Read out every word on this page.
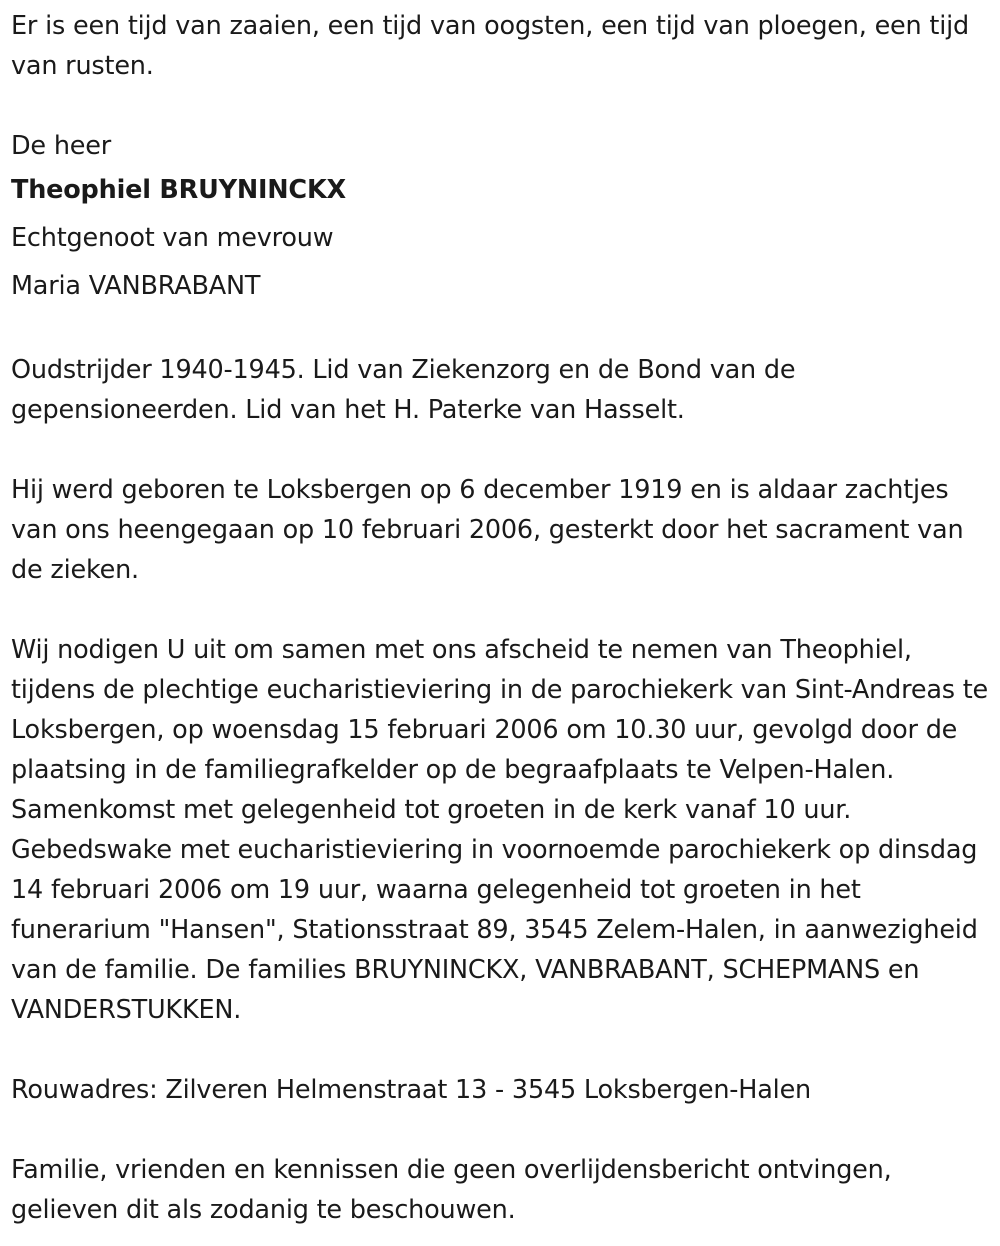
Er is een tijd van zaaien, een tijd van oogsten, een tijd van ploegen, een tijd van rusten.

De heer

Theophiel BRUYNINCKX

Echtgenoot van mevrouw

Maria VANBRABANT

Oudstrijder 1940-1945. Lid van Ziekenzorg en de Bond van de gepensioneerden. Lid van het H. Paterke van Hasselt.

Hij werd geboren te Loksbergen op 6 december 1919 en is aldaar zachtjes van ons heengegaan op 10 februari 2006, gesterkt door het sacrament van de zieken.

Wij nodigen U uit om samen met ons afscheid te nemen van Theophiel, tijdens de plechtige eucharistieviering in de parochiekerk van Sint-Andreas te Loksbergen, op woensdag 15 februari 2006 om 10.30 uur, gevolgd door de plaatsing in de familiegrafkelder op de begraafplaats te Velpen-Halen. Samenkomst met gelegenheid tot groeten in de kerk vanaf 10 uur. Gebedswake met eucharistieviering in voornoemde parochiekerk op dinsdag 14 februari 2006 om 19 uur, waarna gelegenheid tot groeten in het funerarium "Hansen", Stationsstraat 89, 3545 Zelem-Halen, in aanwezigheid van de familie. De families BRUYNINCKX, VANBRABANT, SCHEPMANS en VANDERSTUKKEN.

Rouwadres: Zilveren Helmenstraat 13 - 3545 Loksbergen-Halen

Familie, vrienden en kennissen die geen overlijdensbericht ontvingen, gelieven dit als zodanig te beschouwen.
